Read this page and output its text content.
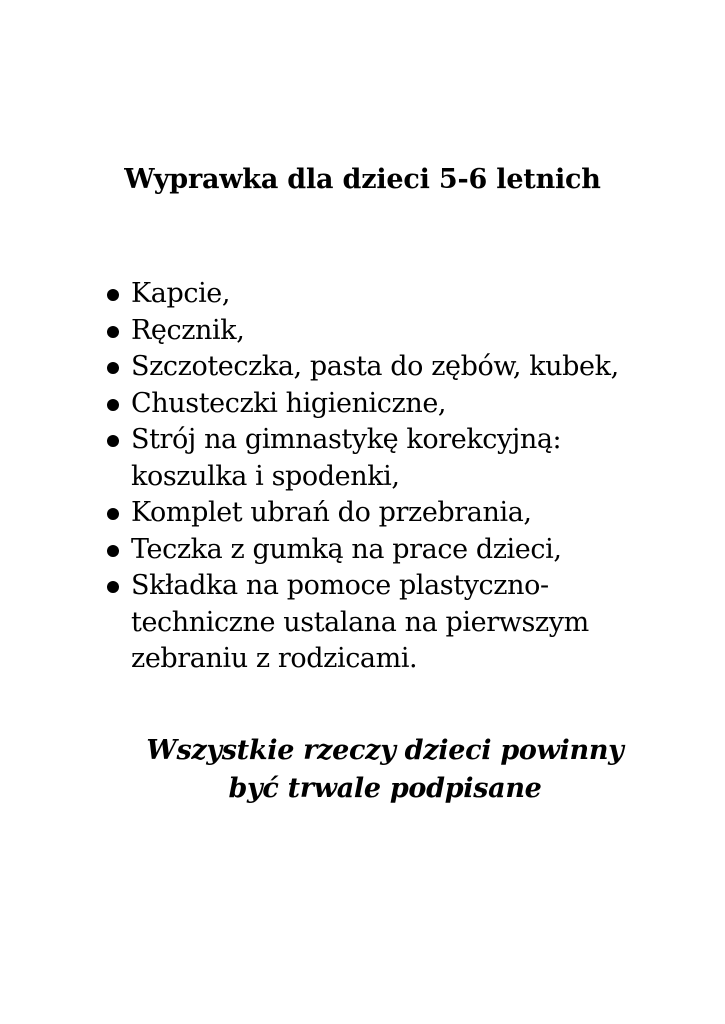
Wyprawka dla dzieci 5-6 letnich
Kapcie,
Ręcznik,
Szczoteczka, pasta do zębów, kubek,
Chusteczki higieniczne,
Strój na gimnastykę korekcyjną:
koszulka i spodenki,
Komplet ubrań do przebrania,
Teczka z gumką na prace dzieci,
Składka na pomoce plastyczno-
techniczne ustalana na pierwszym
zebraniu z rodzicami.
Wszystkie rzeczy dzieci powinny
być trwale podpisane
